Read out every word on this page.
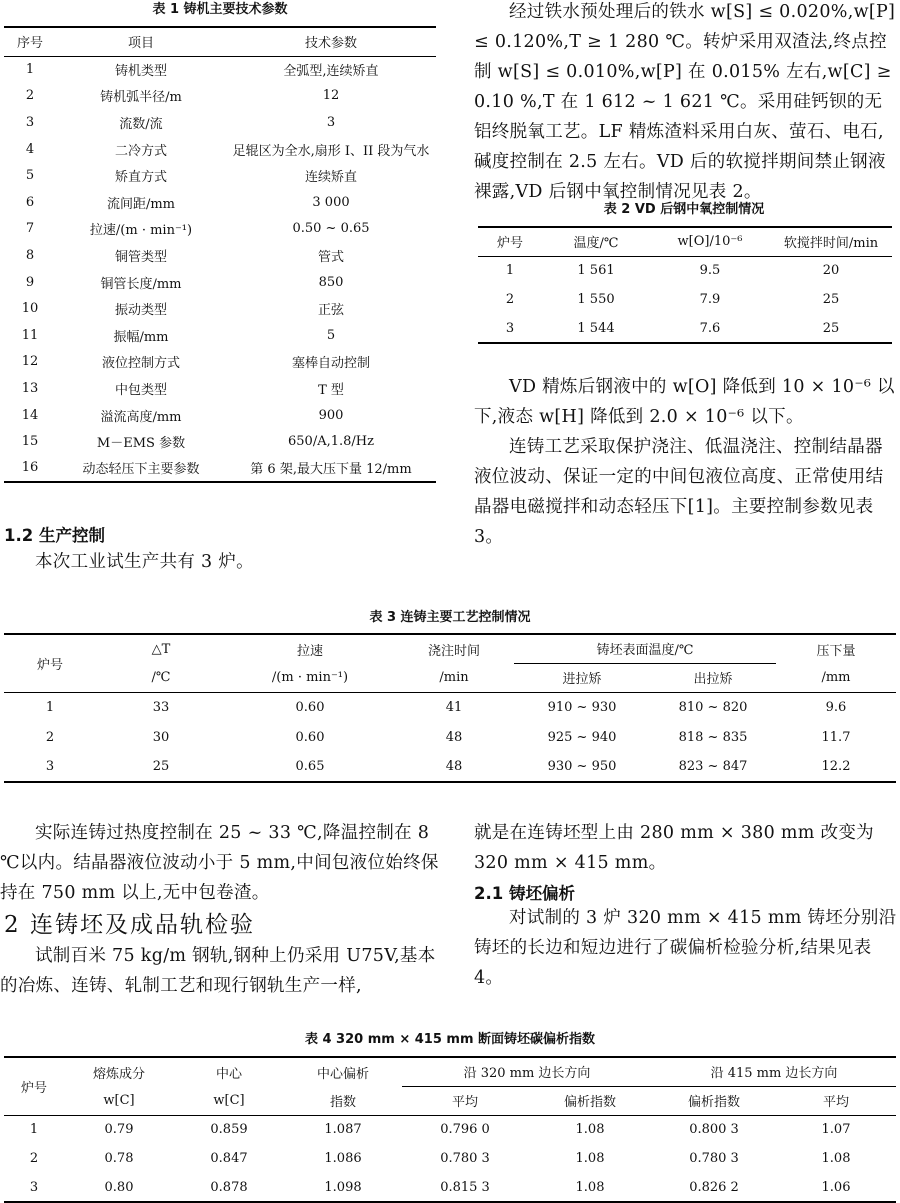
表 1 铸机主要技术参数
序号	项目	技术参数
1	铸机类型	全弧型,连续矫直
2	铸机弧半径/m	12
3	流数/流	3
4	二冷方式	足辊区为全水,扇形 I、II 段为气水
5	矫直方式	连续矫直
6	流间距/mm	3 000
7	拉速/(m · min⁻¹)	0.50 ~ 0.65
8	铜管类型	管式
9	铜管长度/mm	850
10	振动类型	正弦
11	振幅/mm	5
12	液位控制方式	塞棒自动控制
13	中包类型	T 型
14	溢流高度/mm	900
15	M－EMS 参数	650/A,1.8/Hz
16	动态轻压下主要参数	第 6 架,最大压下量 12/mm

经过铁水预处理后的铁水 w[S] ≤ 0.020%,w[P] ≤ 0.120%,T ≥ 1 280 ℃。转炉采用双渣法,终点控制 w[S] ≤ 0.010%,w[P] 在 0.015% 左右,w[C] ≥ 0.10 %,T 在 1 612 ~ 1 621 ℃。采用硅钙钡的无铝终脱氧工艺。LF 精炼渣料采用白灰、萤石、电石,碱度控制在 2.5 左右。VD 后的软搅拌期间禁止钢液裸露,VD 后钢中氧控制情况见表 2。

表 2 VD 后钢中氧控制情况
炉号	温度/℃	w[O]/10⁻⁶	软搅拌时间/min
1	1 561	9.5	20
2	1 550	7.9	25
3	1 544	7.6	25

VD 精炼后钢液中的 w[O] 降低到 10 × 10⁻⁶ 以下,液态 w[H] 降低到 2.0 × 10⁻⁶ 以下。

连铸工艺采取保护浇注、低温浇注、控制结晶器液位波动、保证一定的中间包液位高度、正常使用结晶器电磁搅拌和动态轻压下[1]。主要控制参数见表 3。

1.2 生产控制

本次工业试生产共有 3 炉。

表 3 连铸主要工艺控制情况
炉号	△T	拉速	浇注时间	铸坯表面温度/℃		压下量
	/℃	/(m · min⁻¹)	/min	进拉矫	出拉矫	/mm
1	33	0.60	41	910 ~ 930	810 ~ 820	9.6
2	30	0.60	48	925 ~ 940	818 ~ 835	11.7
3	25	0.65	48	930 ~ 950	823 ~ 847	12.2

实际连铸过热度控制在 25 ~ 33 ℃,降温控制在 8 ℃以内。结晶器液位波动小于 5 mm,中间包液位始终保持在 750 mm 以上,无中包卷渣。

2 连铸坯及成品轨检验

试制百米 75 kg/m 钢轨,钢种上仍采用 U75V,基本的冶炼、连铸、轧制工艺和现行钢轨生产一样,

就是在连铸坯型上由 280 mm × 380 mm 改变为 320 mm × 415 mm。

2.1 铸坯偏析

对试制的 3 炉 320 mm × 415 mm 铸坯分别沿铸坯的长边和短边进行了碳偏析检验分析,结果见表 4。

表 4 320 mm × 415 mm 断面铸坯碳偏析指数
炉号	熔炼成分	中心	中心偏析	沿 320 mm 边长方向		沿 415 mm 边长方向	
	w[C]	w[C]	指数	平均	偏析指数	偏析指数	平均
1	0.79	0.859	1.087	0.796 0	1.08	0.800 3	1.07
2	0.78	0.847	1.086	0.780 3	1.08	0.780 3	1.08
3	0.80	0.878	1.098	0.815 3	1.08	0.826 2	1.06
